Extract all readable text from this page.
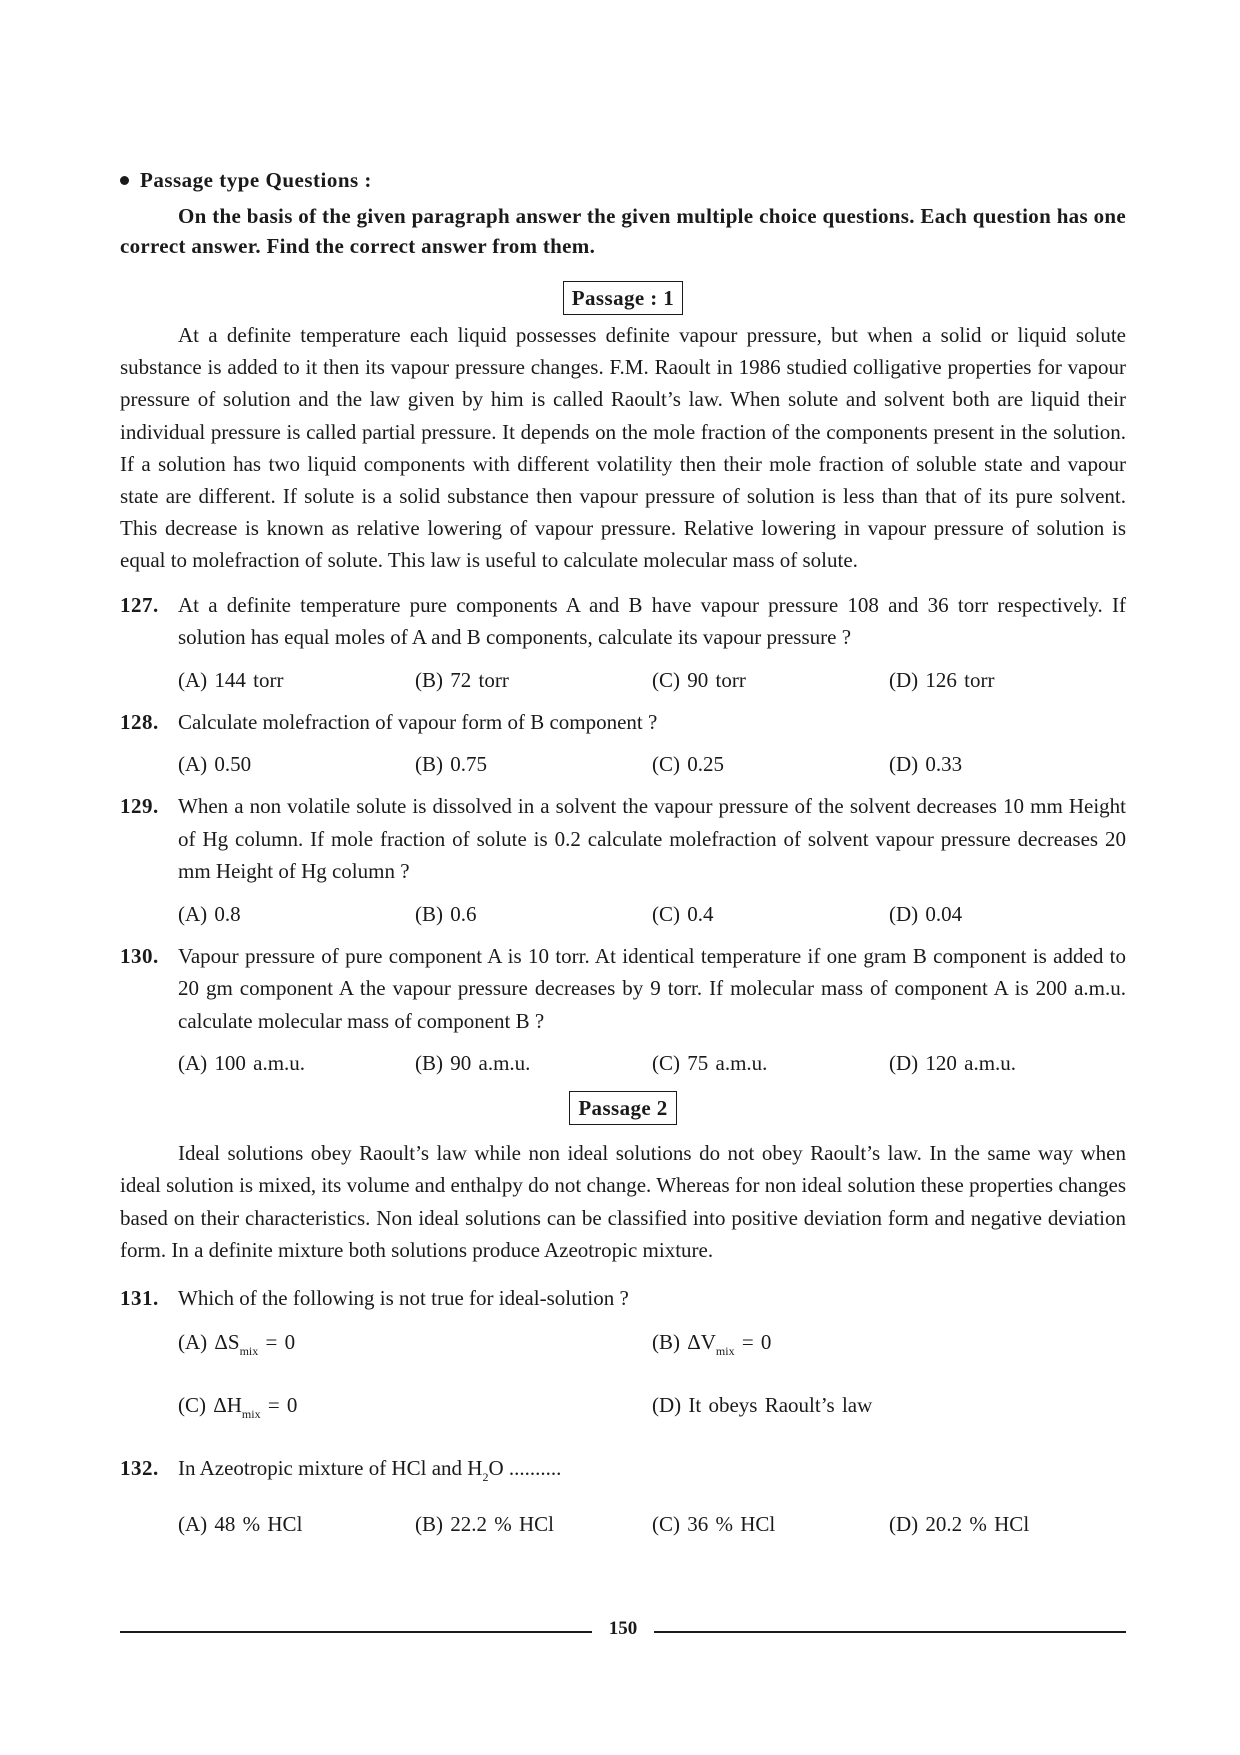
Passage type Questions :

On the basis of the given paragraph answer the given multiple choice questions. Each question has one correct answer. Find the correct answer from them.

Passage : 1

At a definite temperature each liquid possesses definite vapour pressure, but when a solid or liquid solute substance is added to it then its vapour pressure changes. F.M. Raoult in 1986 studied colligative properties for vapour pressure of solution and the law given by him is called Raoult’s law. When solute and solvent both are liquid their individual pressure is called partial pressure. It depends on the mole fraction of the components present in the solution. If a solution has two liquid components with different volatility then their mole fraction of soluble state and vapour state are different. If solute is a solid substance then vapour pressure of solution is less than that of its pure solvent. This decrease is known as relative lowering of vapour pressure. Relative lowering in vapour pressure of solution is equal to molefraction of solute. This law is useful to calculate molecular mass of solute.

127. At a definite temperature pure components A and B have vapour pressure 108 and 36 torr respectively. If solution has equal moles of A and B components, calculate its vapour pressure ?
(A) 144 torr	(B) 72 torr	(C) 90 torr	(D) 126 torr
128. Calculate molefraction of vapour form of B component ?
(A) 0.50	(B) 0.75	(C) 0.25	(D) 0.33
129. When a non volatile solute is dissolved in a solvent the vapour pressure of the solvent decreases 10 mm Height of Hg column. If mole fraction of solute is 0.2 calculate molefraction of solvent vapour pressure decreases 20 mm Height of Hg column ?
(A) 0.8	(B) 0.6	(C) 0.4	(D) 0.04
130. Vapour pressure of pure component A is 10 torr. At identical temperature if one gram B component is added to 20 gm component A the vapour pressure decreases by 9 torr. If molecular mass of component A is 200 a.m.u. calculate molecular mass of component B ?
(A) 100 a.m.u.	(B) 90 a.m.u.	(C) 75 a.m.u.	(D) 120 a.m.u.
Passage 2

Ideal solutions obey Raoult’s law while non ideal solutions do not obey Raoult’s law. In the same way when ideal solution is mixed, its volume and enthalpy do not change. Whereas for non ideal solution these properties changes based on their characteristics. Non ideal solutions can be classified into positive deviation form and negative deviation form. In a definite mixture both solutions produce Azeotropic mixture.

131. Which of the following is not true for ideal-solution ?
(A) $\Delta S_{mix} = 0$	(B) $\Delta V_{mix} = 0$
(C) $\Delta H_{mix} = 0$	(D) It obeys Raoult’s law
132. In Azeotropic mixture of HCl and $H_2O$ ..........
(A) 48 % HCl	(B) 22.2 % HCl	(C) 36 % HCl	(D) 20.2 % HCl
150
